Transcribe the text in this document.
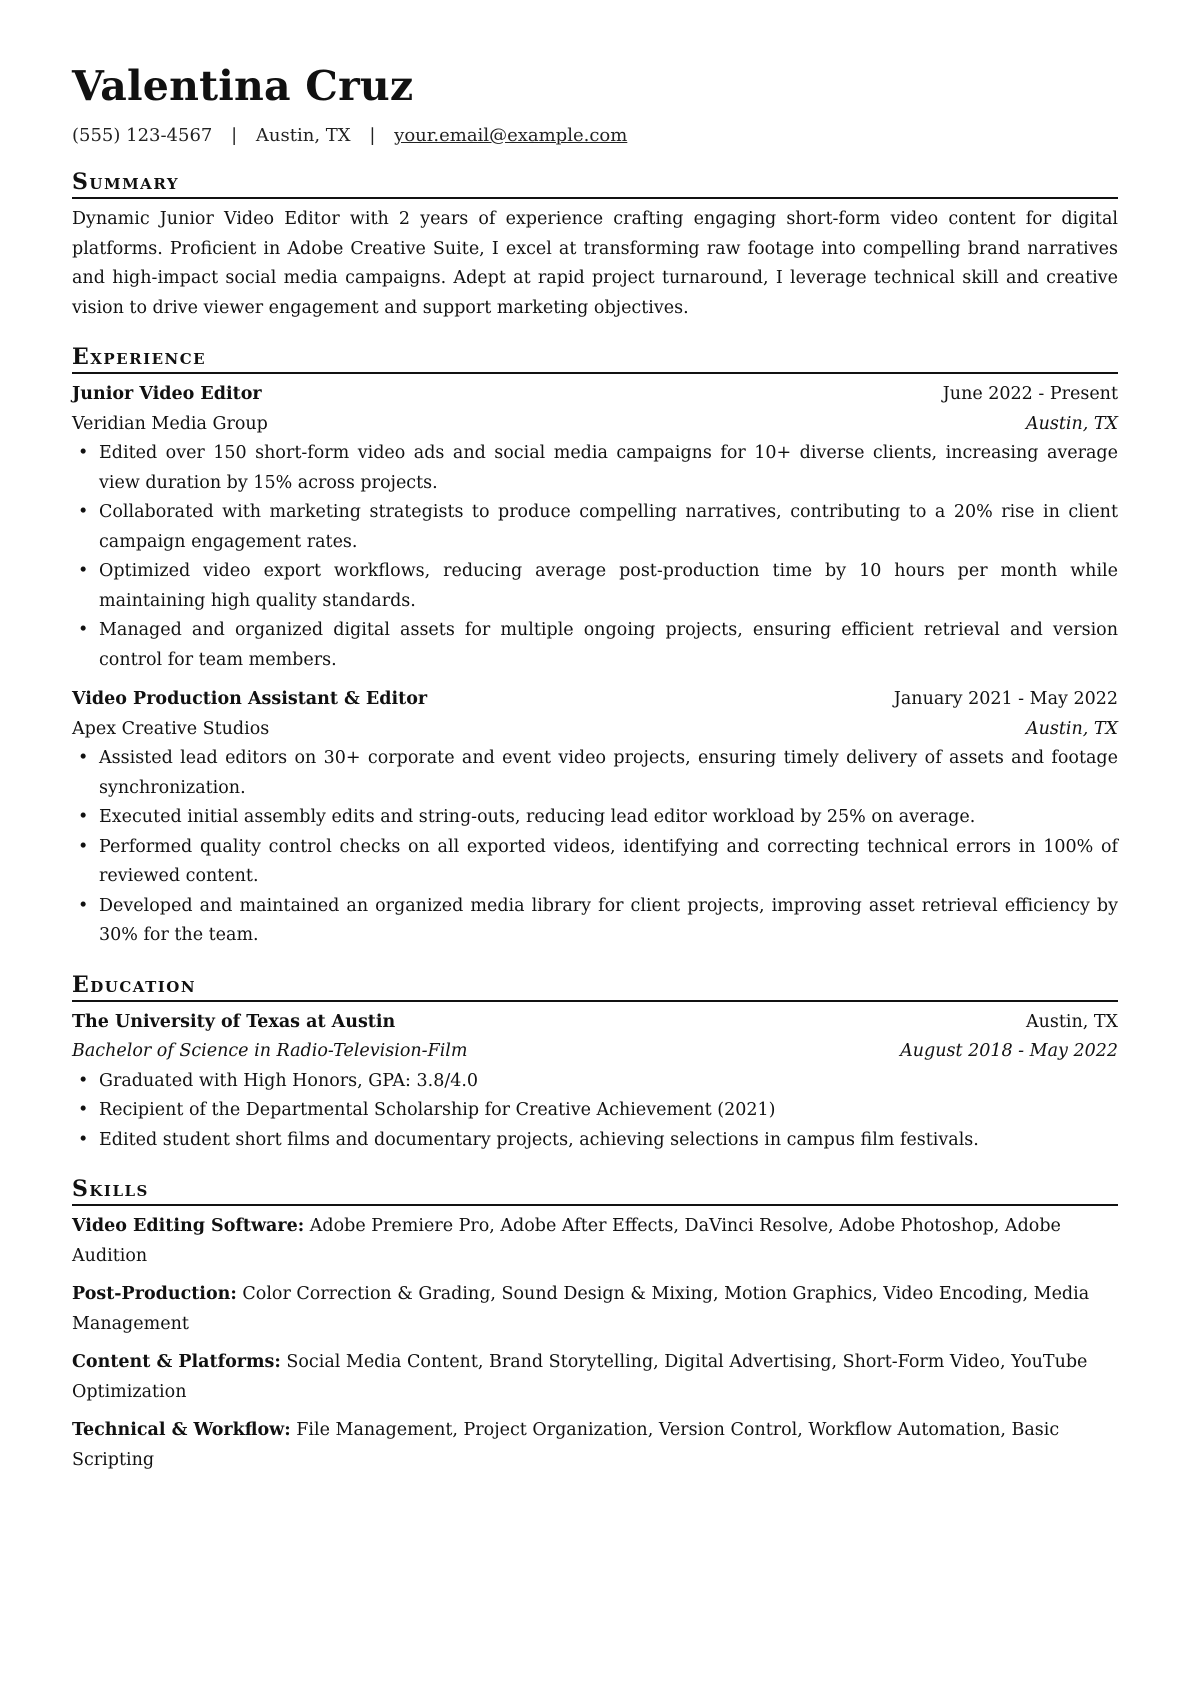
Valentina Cruz
(555) 123-4567 | Austin, TX | your.email@example.com
Summary

Dynamic Junior Video Editor with 2 years of experience crafting engaging short-form video content for digital platforms. Proficient in Adobe Creative Suite, I excel at transforming raw footage into compelling brand narratives and high-impact social media campaigns. Adept at rapid project turnaround, I leverage technical skill and creative vision to drive viewer engagement and support marketing objectives.

Experience
Junior Video Editor	June 2022 - Present
Veridian Media Group	Austin, TX
• Edited over 150 short-form video ads and social media campaigns for 10+ diverse clients, increasing average view duration by 15% across projects.
• Collaborated with marketing strategists to produce compelling narratives, contributing to a 20% rise in client campaign engagement rates.
• Optimized video export workflows, reducing average post-production time by 10 hours per month while maintaining high quality standards.
• Managed and organized digital assets for multiple ongoing projects, ensuring efficient retrieval and version control for team members.
Video Production Assistant & Editor	January 2021 - May 2022
Apex Creative Studios	Austin, TX
• Assisted lead editors on 30+ corporate and event video projects, ensuring timely delivery of assets and footage synchronization.
• Executed initial assembly edits and string-outs, reducing lead editor workload by 25% on average.
• Performed quality control checks on all exported videos, identifying and correcting technical errors in 100% of reviewed content.
• Developed and maintained an organized media library for client projects, improving asset retrieval efficiency by 30% for the team.
Education
The University of Texas at Austin	Austin, TX
Bachelor of Science in Radio-Television-Film	August 2018 - May 2022
• Graduated with High Honors, GPA: 3.8/4.0
• Recipient of the Departmental Scholarship for Creative Achievement (2021)
• Edited student short films and documentary projects, achieving selections in campus film festivals.
Skills

Video Editing Software: Adobe Premiere Pro, Adobe After Effects, DaVinci Resolve, Adobe Photoshop, Adobe Audition

Post-Production: Color Correction & Grading, Sound Design & Mixing, Motion Graphics, Video Encoding, Media Management

Content & Platforms: Social Media Content, Brand Storytelling, Digital Advertising, Short-Form Video, YouTube Optimization

Technical & Workflow: File Management, Project Organization, Version Control, Workflow Automation, Basic Scripting
